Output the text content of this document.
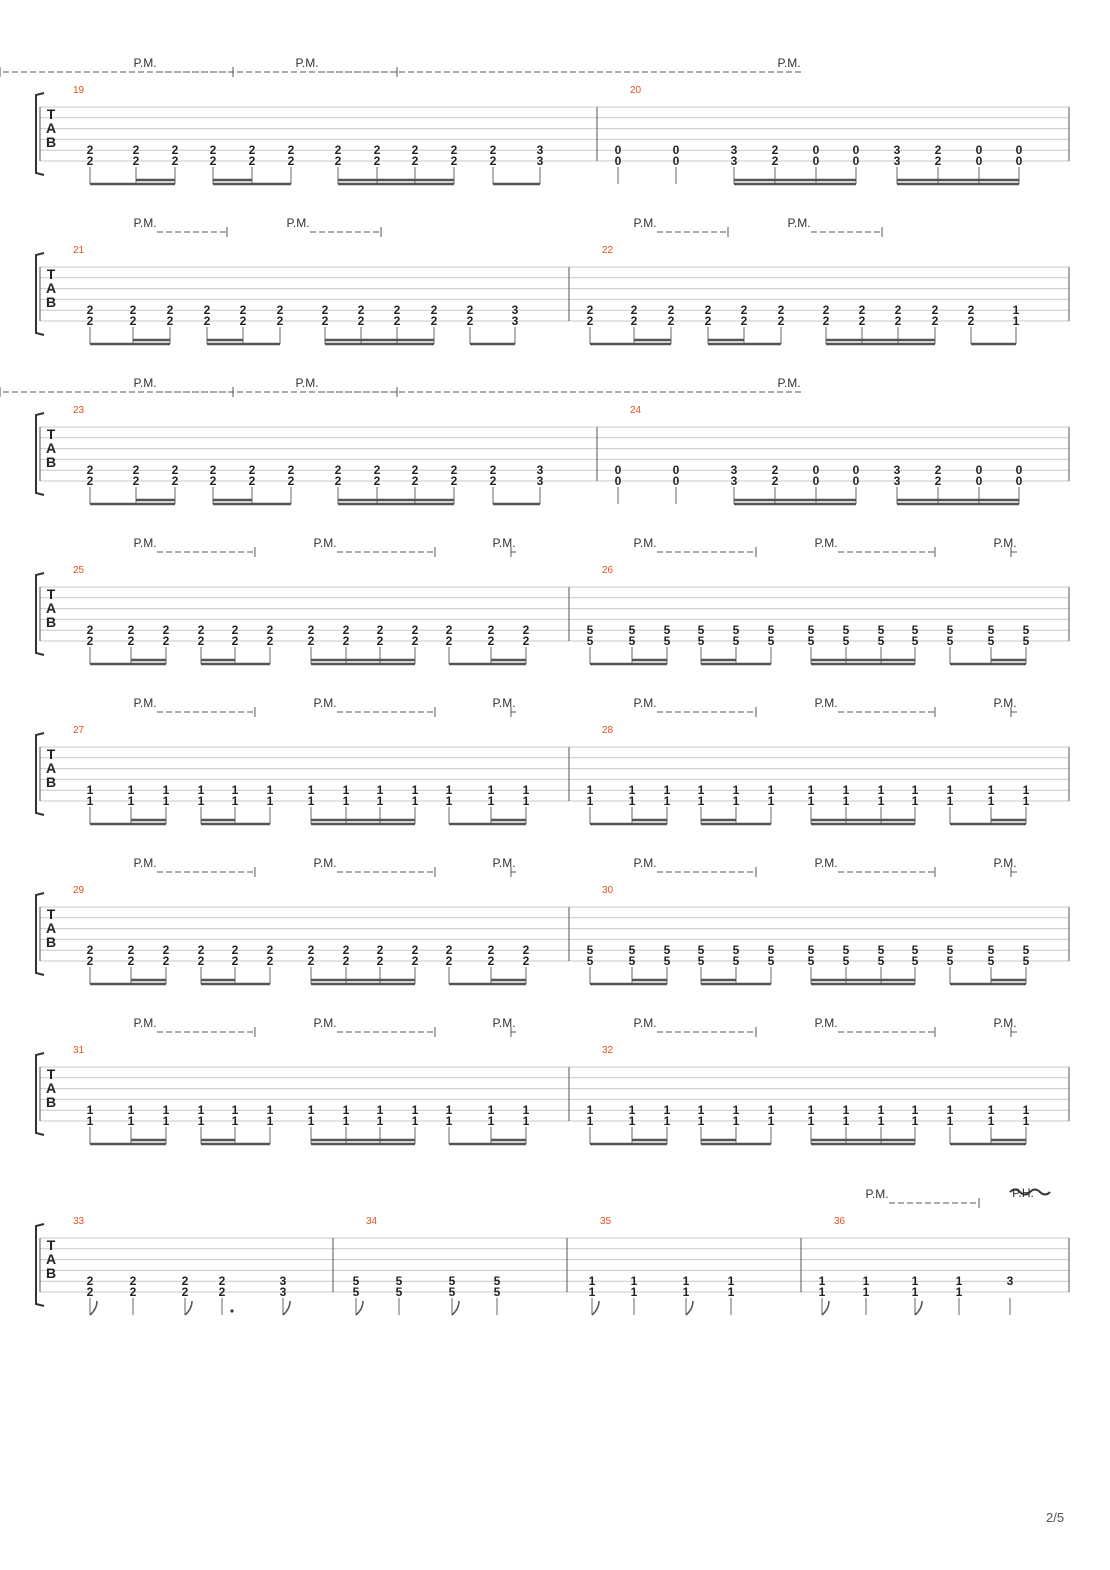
T
A
B
19
2
2
2
2
2
2
2
2
2
2
2
2
2
2
2
2
2
2
2
2
2
2
3
3
P.M.	P.M.
20
0
0
0
0
3
3
2
2
0
0
0
0
3
3
2
2
0
0
0
0
P.M.
T
A
B
21
2
2
2
2
2
2
2
2
2
2
2
2
2
2
2
2
2
2
2
2
2
2
3
3
P.M.	P.M.
22
2
2
2
2
2
2
2
2
2
2
2
2
2
2
2
2
2
2
2
2
2
2
1
1
P.M.	P.M.
T
A
B
23
2
2
2
2
2
2
2
2
2
2
2
2
2
2
2
2
2
2
2
2
2
2
3
3
P.M.	P.M.
24
0
0
0
0
3
3
2
2
0
0
0
0
3
3
2
2
0
0
0
0
P.M.
T
A
B
25
2
2
2
2
2
2
2
2
2
2
2
2
2
2
2
2
2
2
2
2
2
2
2
2
2
2
P.M.	P.M.	P.M.
26
5
5
5
5
5
5
5
5
5
5
5
5
5
5
5
5
5
5
5
5
5
5
5
5
5
5
P.M.	P.M.	P.M.
T
A
B
27
1
1
1
1
1
1
1
1
1
1
1
1
1
1
1
1
1
1
1
1
1
1
1
1
1
1
P.M.	P.M.	P.M.
28
1
1
1
1
1
1
1
1
1
1
1
1
1
1
1
1
1
1
1
1
1
1
1
1
1
1
P.M.	P.M.	P.M.
T
A
B
29
2
2
2
2
2
2
2
2
2
2
2
2
2
2
2
2
2
2
2
2
2
2
2
2
2
2
P.M.	P.M.	P.M.
30
5
5
5
5
5
5
5
5
5
5
5
5
5
5
5
5
5
5
5
5
5
5
5
5
5
5
P.M.	P.M.	P.M.
T
A
B
31
1
1
1
1
1
1
1
1
1
1
1
1
1
1
1
1
1
1
1
1
1
1
1
1
1
1
P.M.	P.M.	P.M.
32
1
1
1
1
1
1
1
1
1
1
1
1
1
1
1
1
1
1
1
1
1
1
1
1
1
1
P.M.	P.M.	P.M.
T
A
B
33
2
2
2
2
2
2
2
2
3
3
34
5
5
5
5
5
5
5
5
35
1
1
1
1
1
1
1
1
36
1
1
1
1
1
1
1
1
3
P.M.	P.H.
2/5
